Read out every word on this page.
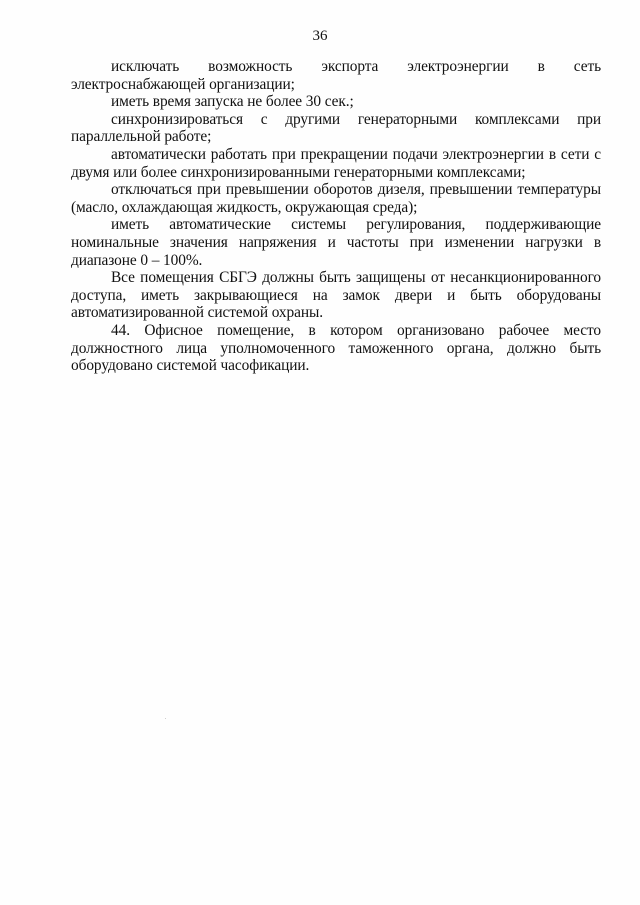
36

исключать возможность экспорта электроэнергии в сеть электроснабжающей организации;

иметь время запуска не более 30 сек.;

синхронизироваться с другими генераторными комплексами при параллельной работе;

автоматически работать при прекращении подачи электроэнергии в сети с двумя или более синхронизированными генераторными комплексами;

отключаться при превышении оборотов дизеля, превышении температуры (масло, охлаждающая жидкость, окружающая среда);

иметь автоматические системы регулирования, поддерживающие номинальные значения напряжения и частоты при изменении нагрузки в диапазоне 0 – 100%.

Все помещения СБГЭ должны быть защищены от несанкционированного доступа, иметь закрывающиеся на замок двери и быть оборудованы автоматизированной системой охраны.

44. Офисное помещение, в котором организовано рабочее место должностного лица уполномоченного таможенного органа, должно быть оборудовано системой часофикации.
